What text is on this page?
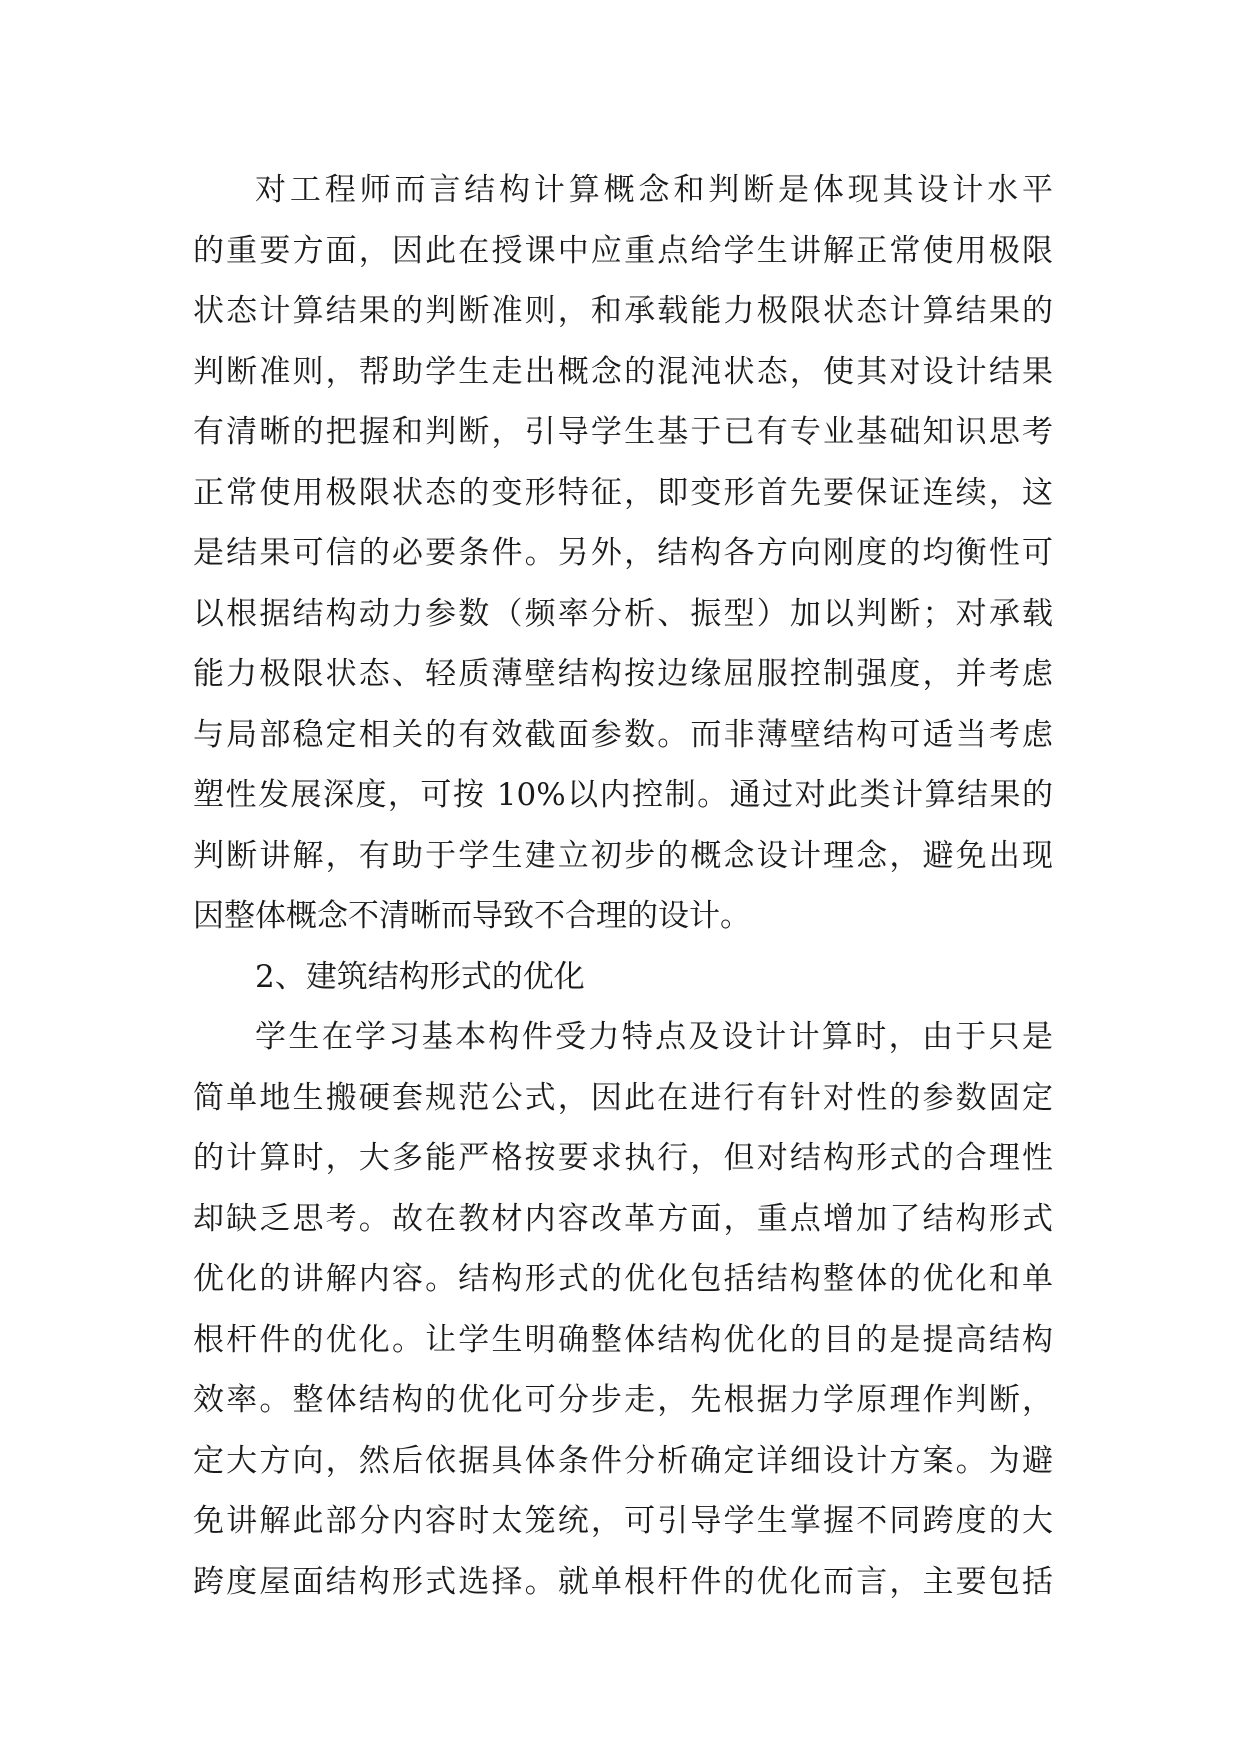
对工程师而言结构计算概念和判断是体现其设计水平
的重要方面，因此在授课中应重点给学生讲解正常使用极限
状态计算结果的判断准则，和承载能力极限状态计算结果的
判断准则，帮助学生走出概念的混沌状态，使其对设计结果
有清晰的把握和判断，引导学生基于已有专业基础知识思考
正常使用极限状态的变形特征，即变形首先要保证连续，这
是结果可信的必要条件。另外，结构各方向刚度的均衡性可
以根据结构动力参数（频率分析、振型）加以判断；对承载
能力极限状态、轻质薄壁结构按边缘屈服控制强度，并考虑
与局部稳定相关的有效截面参数。而非薄壁结构可适当考虑
塑性发展深度，可按 10%以内控制。通过对此类计算结果的
判断讲解，有助于学生建立初步的概念设计理念，避免出现
因整体概念不清晰而导致不合理的设计。
2、建筑结构形式的优化
学生在学习基本构件受力特点及设计计算时，由于只是
简单地生搬硬套规范公式，因此在进行有针对性的参数固定
的计算时，大多能严格按要求执行，但对结构形式的合理性
却缺乏思考。故在教材内容改革方面，重点增加了结构形式
优化的讲解内容。结构形式的优化包括结构整体的优化和单
根杆件的优化。让学生明确整体结构优化的目的是提高结构
效率。整体结构的优化可分步走，先根据力学原理作判断，
定大方向，然后依据具体条件分析确定详细设计方案。为避
免讲解此部分内容时太笼统，可引导学生掌握不同跨度的大
跨度屋面结构形式选择。就单根杆件的优化而言，主要包括
